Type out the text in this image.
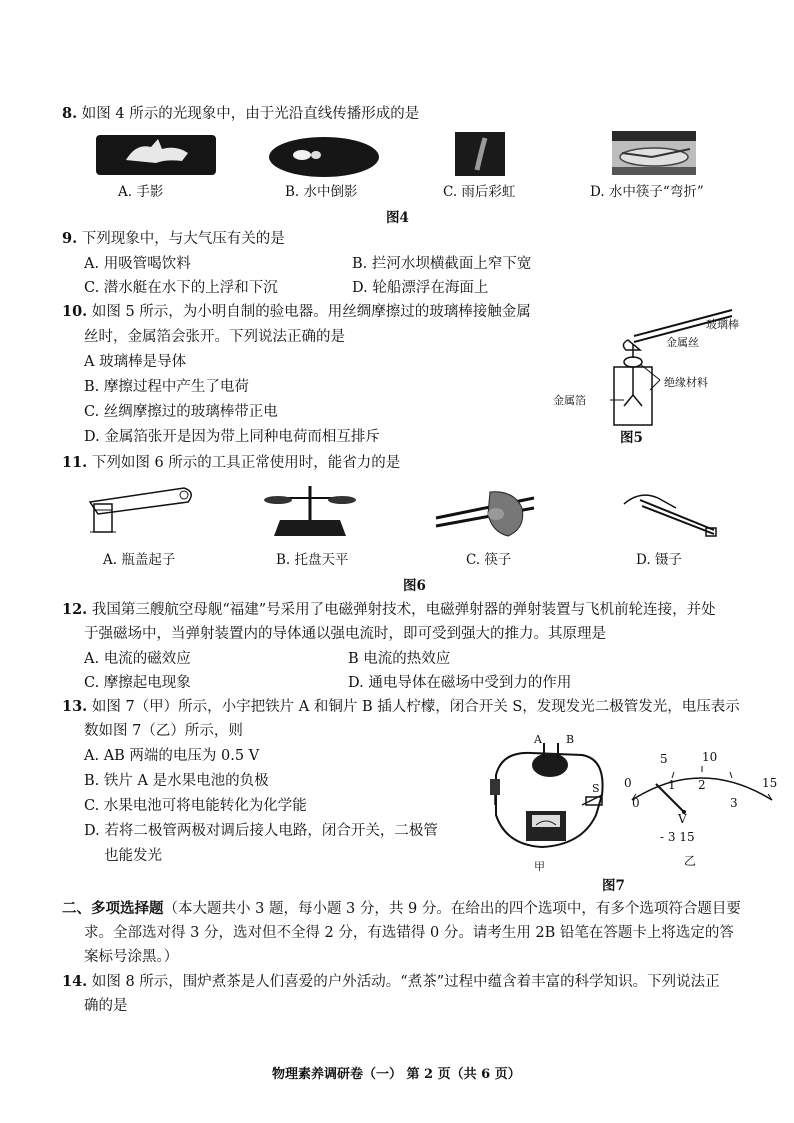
8. 如图 4 所示的光现象中，由于光沿直线传播形成的是
A. 手影	B. 水中倒影	C. 雨后彩虹	D. 水中筷子“弯折”
图4
9. 下列现象中，与大气压有关的是
A. 用吸管喝饮料	B. 拦河水坝横截面上窄下宽
C. 潜水艇在水下的上浮和下沉	D. 轮船漂浮在海面上
10. 如图 5 所示，为小明自制的验电器。用丝绸摩擦过的玻璃棒接触金属
丝时，金属箔会张开。下列说法正确的是
A 玻璃棒是导体
B. 摩擦过程中产生了电荷
C. 丝绸摩擦过的玻璃棒带正电
D. 金属箔张开是因为带上同种电荷而相互排斥
玻璃棒
金属丝
绝缘材料
金属箔
图5
11. 下列如图 6 所示的工具正常使用时，能省力的是
A. 瓶盖起子	B. 托盘天平	C. 筷子	D. 镊子
图6
12. 我国第三艘航空母舰“福建”号采用了电磁弹射技术，电磁弹射器的弹射装置与飞机前轮连接，并处
于强磁场中，当弹射装置内的导体通以强电流时，即可受到强大的推力。其原理是
A. 电流的磁效应	B 电流的热效应
C. 摩擦起电现象	D. 通电导体在磁场中受到力的作用
13. 如图 7（甲）所示，小宇把铁片 A 和铜片 B 插人柠檬，闭合开关 S，发现发光二极管发光，电压表示
数如图 7（乙）所示，则
A. AB 两端的电压为 0.5 V
B. 铁片 A 是水果电池的负极
C. 水果电池可将电能转化为化学能
D. 若将二极管两极对调后接人电路，闭合开关，二极管
也能发光
A B
S
甲
0
5	10
15
0
1 2
3
V
- 3 15
乙
图7
二、多项选择题（本大题共小 3 题，每小题 3 分，共 9 分。在给出的四个选项中，有多个选项符合题目要
求。全部选对得 3 分，选对但不全得 2 分，有选错得 0 分。请考生用 2B 铅笔在答题卡上将选定的答
案标号涂黑。）
14. 如图 8 所示，围炉煮茶是人们喜爱的户外活动。“煮茶”过程中蕴含着丰富的科学知识。下列说法正
确的是
物理素养调研卷（一） 第 2 页（共 6 页）
